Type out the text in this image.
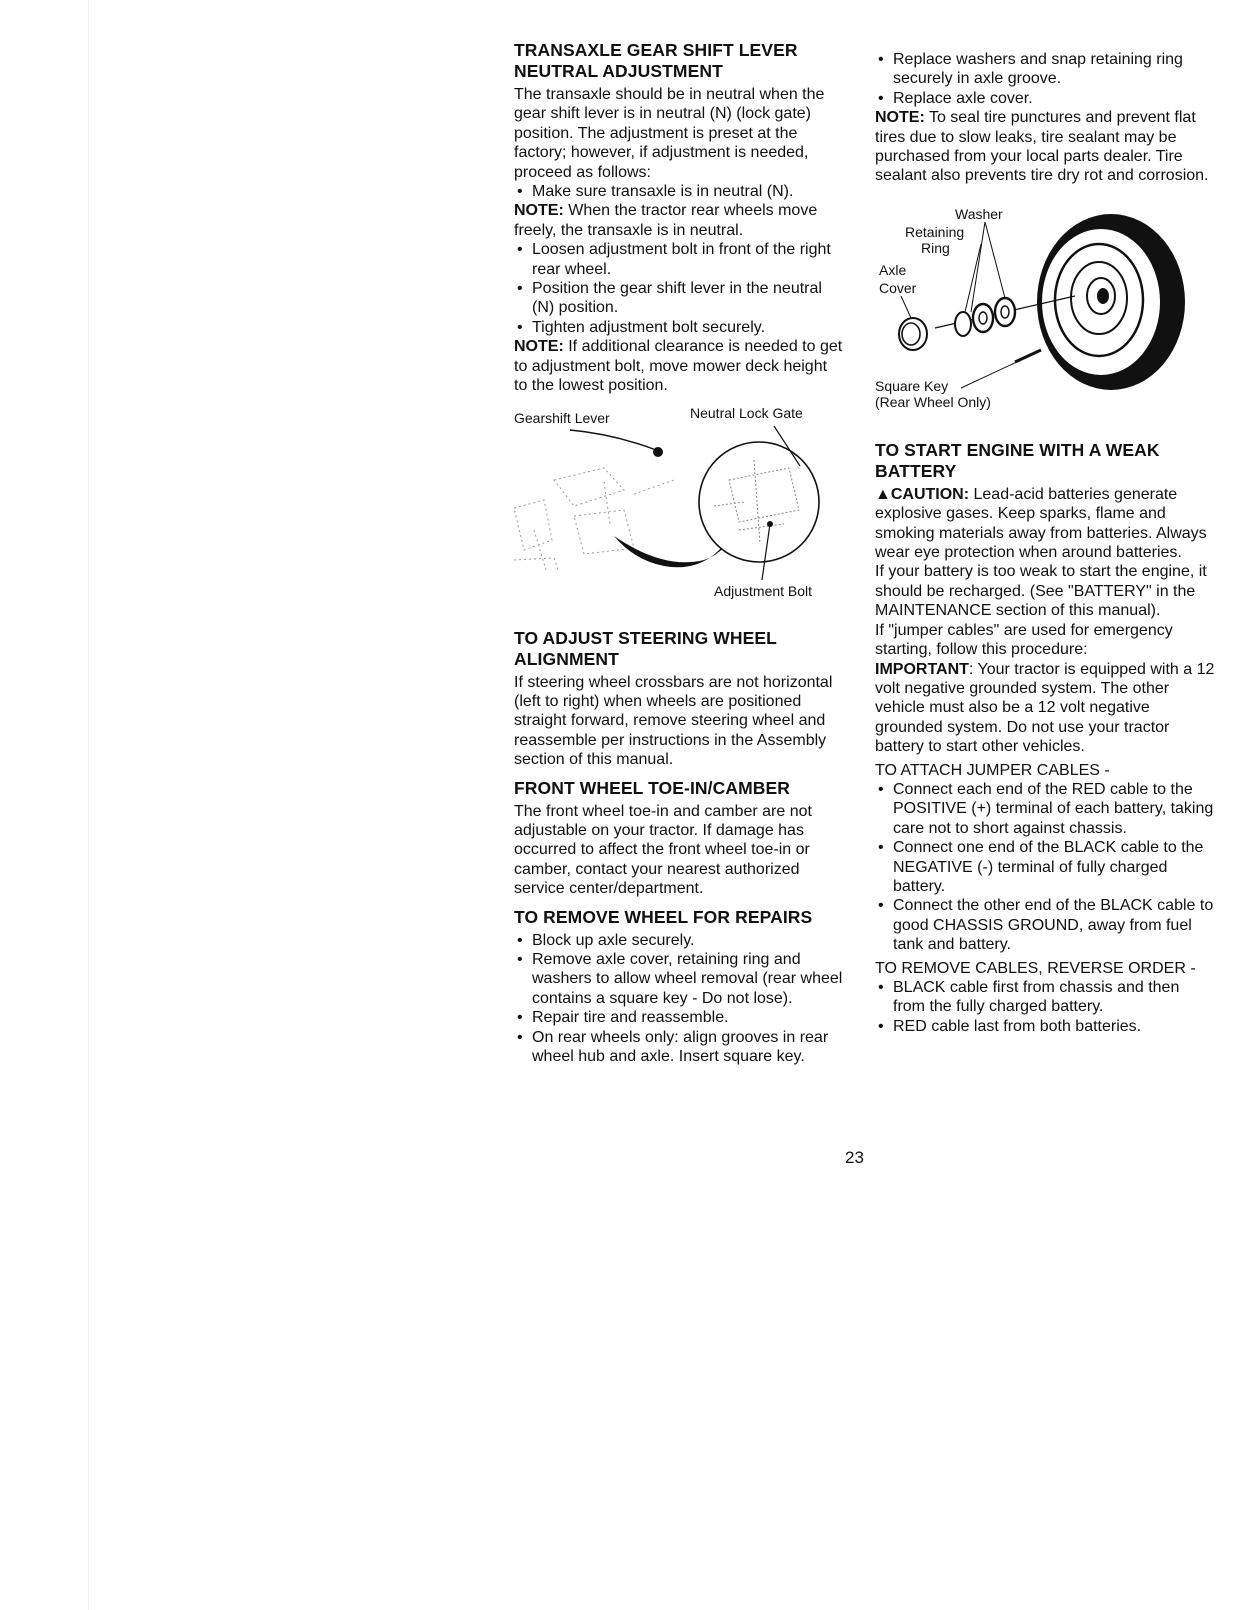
TRANSAXLE GEAR SHIFT LEVER
NEUTRAL ADJUSTMENT

The transaxle should be in neutral when the gear shift lever is in neutral (N) (lock gate) position. The adjustment is preset at the factory; however, if adjustment is needed, proceed as follows:

• Make sure transaxle is in neutral (N).

NOTE: When the tractor rear wheels move freely, the transaxle is in neutral.

• Loosen adjustment bolt in front of the right rear wheel.
• Position the gear shift lever in the neutral (N) position.
• Tighten adjustment bolt securely.

NOTE: If additional clearance is needed to get to adjustment bolt, move mower deck height to the lowest position.

Gearshift Lever	Neutral Lock Gate
Adjustment Bolt
TO ADJUST STEERING WHEEL
ALIGNMENT

If steering wheel crossbars are not horizontal (left to right) when wheels are positioned straight forward, remove steering wheel and reassemble per instructions in the Assembly section of this manual.

FRONT WHEEL TOE-IN/CAMBER

The front wheel toe-in and camber are not adjustable on your tractor. If damage has occurred to affect the front wheel toe-in or camber, contact your nearest authorized service center/department.

TO REMOVE WHEEL FOR REPAIRS
• Block up axle securely.
• Remove axle cover, retaining ring and washers to allow wheel removal (rear wheel contains a square key - Do not lose).
• Repair tire and reassemble.
• On rear wheels only: align grooves in rear wheel hub and axle. Insert square key.
• Replace washers and snap retaining ring securely in axle groove.
• Replace axle cover.

NOTE: To seal tire punctures and prevent flat tires due to slow leaks, tire sealant may be purchased from your local parts dealer. Tire sealant also prevents tire dry rot and corrosion.

Washer
Retaining
Ring
Axle
Cover
Square Key
(Rear Wheel Only)
TO START ENGINE WITH A WEAK
BATTERY

▲CAUTION: Lead-acid batteries generate explosive gases. Keep sparks, flame and smoking materials away from batteries. Always wear eye protection when around batteries.

If your battery is too weak to start the engine, it should be recharged. (See "BATTERY" in the MAINTENANCE section of this manual).

If "jumper cables" are used for emergency starting, follow this procedure:

IMPORTANT: Your tractor is equipped with a 12 volt negative grounded system. The other vehicle must also be a 12 volt negative grounded system. Do not use your tractor battery to start other vehicles.

TO ATTACH JUMPER CABLES -

• Connect each end of the RED cable to the POSITIVE (+) terminal of each battery, taking care not to short against chassis.
• Connect one end of the BLACK cable to the NEGATIVE (-) terminal of fully charged battery.
• Connect the other end of the BLACK cable to good CHASSIS GROUND, away from fuel tank and battery.

TO REMOVE CABLES, REVERSE ORDER -

• BLACK cable first from chassis and then from the fully charged battery.
• RED cable last from both batteries.
23
